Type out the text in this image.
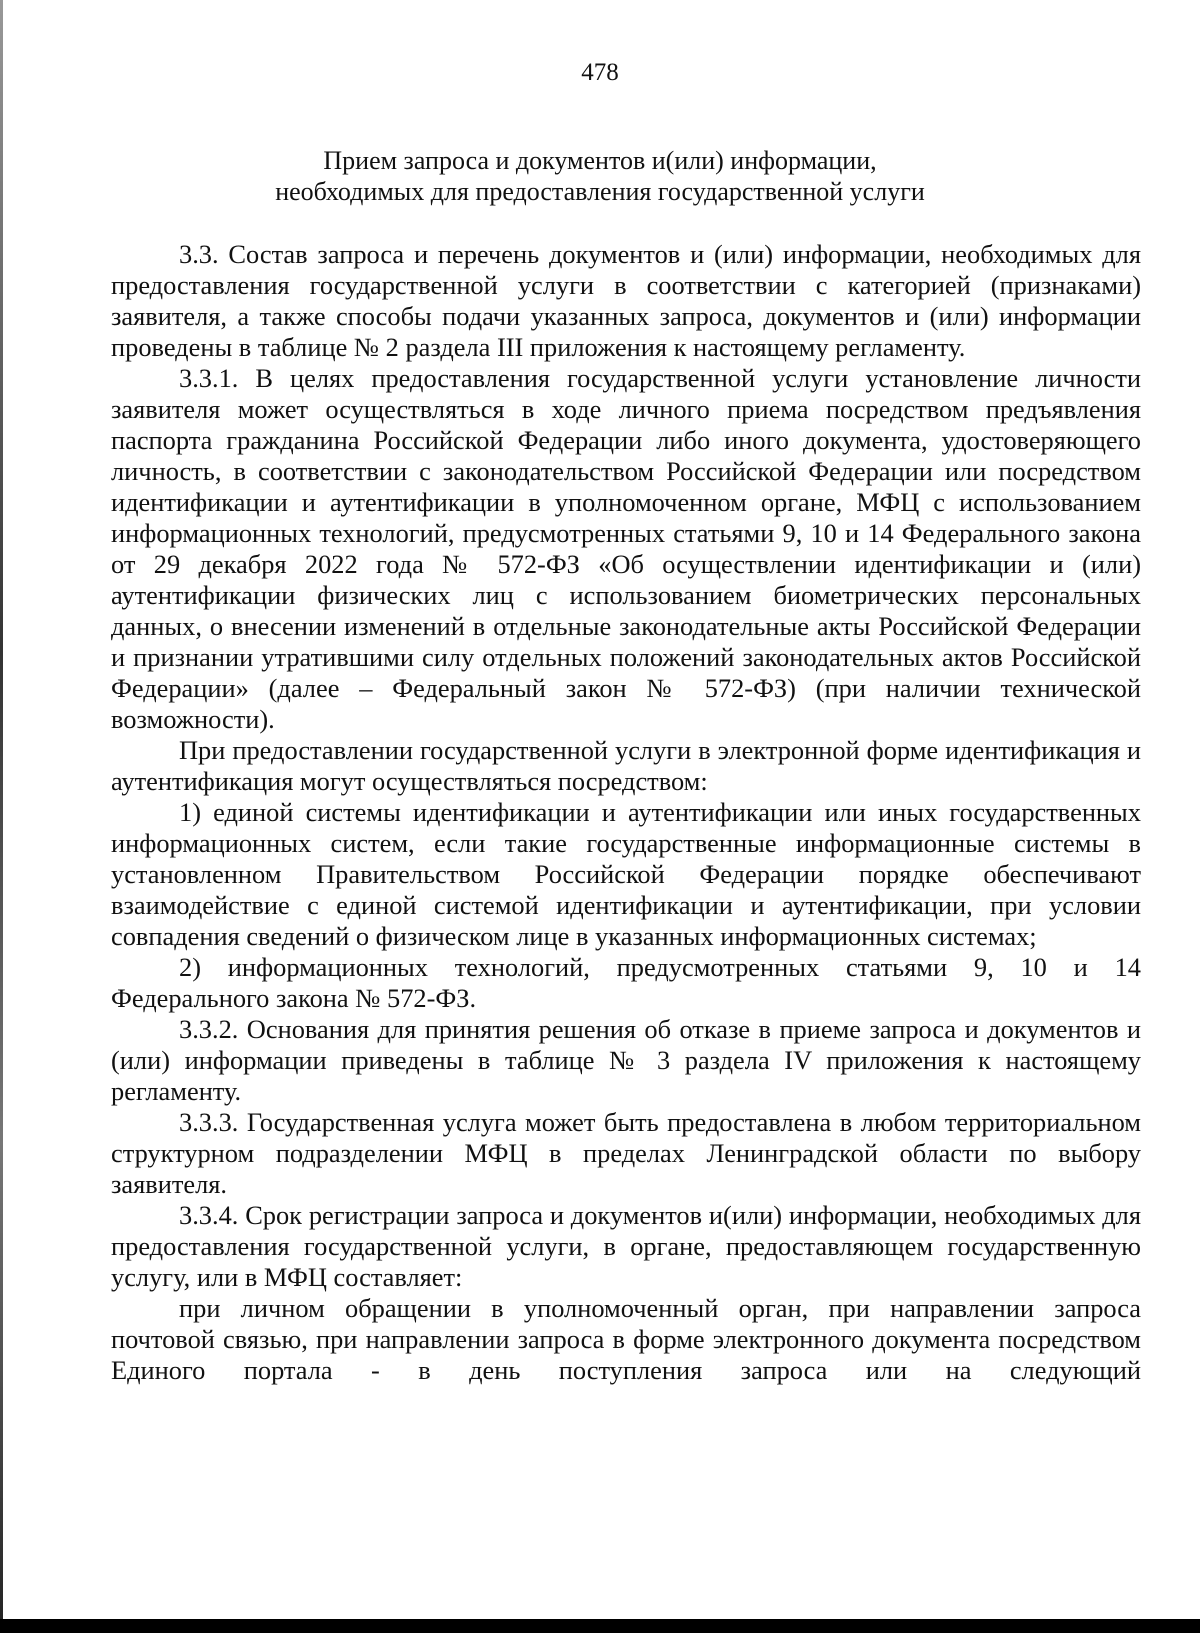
478
Прием запроса и документов и(или) информации,
необходимых для предоставления государственной услуги

3.3. Состав запроса и перечень документов и (или) информации, необходимых для предоставления государственной услуги в соответствии с категорией (признаками) заявителя, а также способы подачи указанных запроса, документов и (или) информации проведены в таблице № 2 раздела III приложения к настоящему регламенту.

3.3.1. В целях предоставления государственной услуги установление личности заявителя может осуществляться в ходе личного приема посредством предъявления паспорта гражданина Российской Федерации либо иного документа, удостоверяющего личность, в соответствии с законодательством Российской Федерации или посредством идентификации и аутентификации в уполномоченном органе, МФЦ с использованием информационных технологий, предусмотренных статьями 9, 10 и 14 Федерального закона от 29 декабря 2022 года № 572-ФЗ «Об осуществлении идентификации и (или) аутентификации физических лиц с использованием биометрических персональных данных, о внесении изменений в отдельные законодательные акты Российской Федерации и признании утратившими силу отдельных положений законодательных актов Российской Федерации» (далее – Федеральный закон № 572-ФЗ) (при наличии технической возможности).

При предоставлении государственной услуги в электронной форме идентификация и аутентификация могут осуществляться посредством:

1) единой системы идентификации и аутентификации или иных государственных информационных систем, если такие государственные информационные системы в установленном Правительством Российской Федерации порядке обеспечивают взаимодействие с единой системой идентификации и аутентификации, при условии совпадения сведений о физическом лице в указанных информационных системах;

2) информационных технологий, предусмотренных статьями 9, 10 и 14 Федерального закона № 572-ФЗ.

3.3.2. Основания для принятия решения об отказе в приеме запроса и документов и (или) информации приведены в таблице № 3 раздела IV приложения к настоящему регламенту.

3.3.3. Государственная услуга может быть предоставлена в любом территориальном структурном подразделении МФЦ в пределах Ленинградской области по выбору заявителя.

3.3.4. Срок регистрации запроса и документов и(или) информации, необходимых для предоставления государственной услуги, в органе, предоставляющем государственную услугу, или в МФЦ составляет:

при личном обращении в уполномоченный орган, при направлении запроса почтовой связью, при направлении запроса в форме электронного документа посредством Единого портала - в день поступления запроса или на следующий
